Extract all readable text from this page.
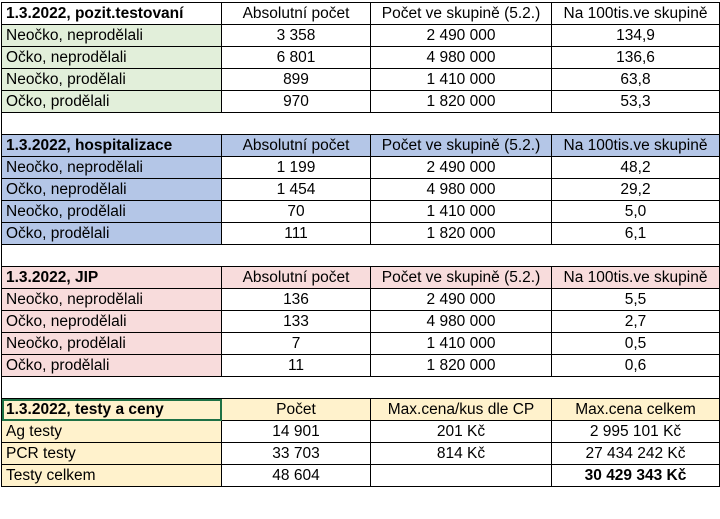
1.3.2022, pozit.testovaní	Absolutní počet	Počet ve skupině (5.2.)	Na 100tis.ve skupině
Neočko, neprodělali	3 358	2 490 000	134,9
Očko, neprodělali	6 801	4 980 000	136,6
Neočko, prodělali	899	1 410 000	63,8
Očko, prodělali	970	1 820 000	53,3

1.3.2022, hospitalizace	Absolutní počet	Počet ve skupině (5.2.)	Na 100tis.ve skupině
Neočko, neprodělali	1 199	2 490 000	48,2
Očko, neprodělali	1 454	4 980 000	29,2
Neočko, prodělali	70	1 410 000	5,0
Očko, prodělali	111	1 820 000	6,1

1.3.2022, JIP	Absolutní počet	Počet ve skupině (5.2.)	Na 100tis.ve skupině
Neočko, neprodělali	136	2 490 000	5,5
Očko, neprodělali	133	4 980 000	2,7
Neočko, prodělali	7	1 410 000	0,5
Očko, prodělali	11	1 820 000	0,6

1.3.2022, testy a ceny	Počet	Max.cena/kus dle CP	Max.cena celkem
Ag testy	14 901	201 Kč	2 995 101 Kč
PCR testy	33 703	814 Kč	27 434 242 Kč
Testy celkem	48 604		30 429 343 Kč
